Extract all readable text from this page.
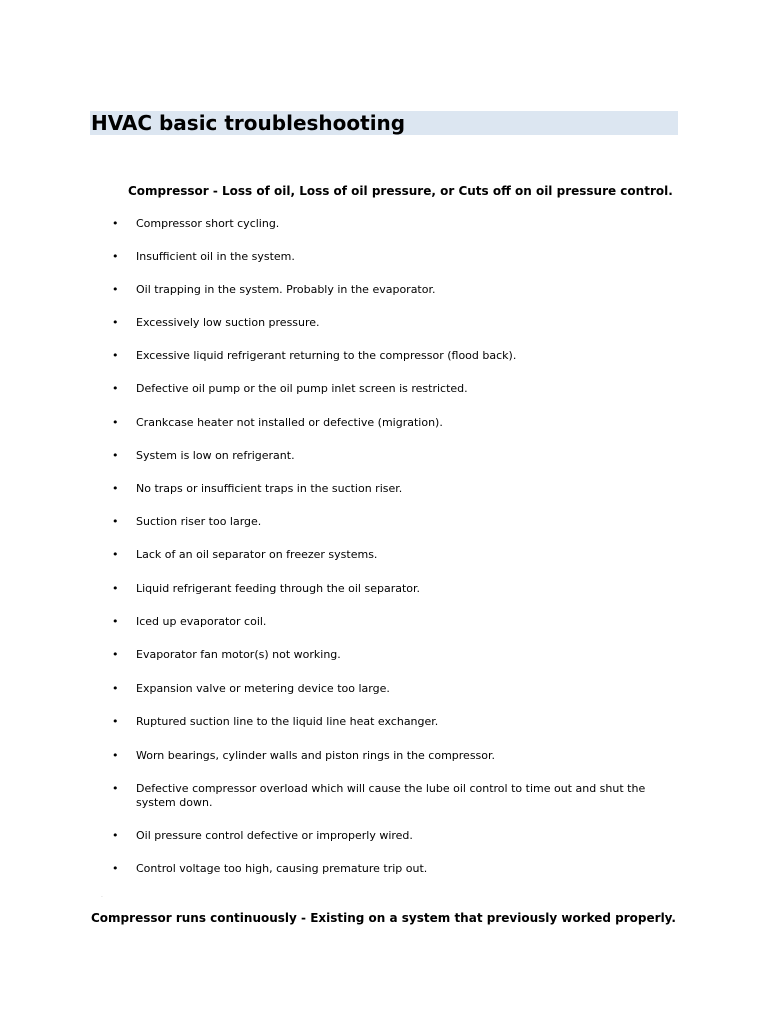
HVAC basic troubleshooting

Compressor - Loss of oil, Loss of oil pressure, or Cuts off on oil pressure control.

• Compressor short cycling.
• Insufficient oil in the system.
• Oil trapping in the system. Probably in the evaporator.
• Excessively low suction pressure.
• Excessive liquid refrigerant returning to the compressor (flood back).
• Defective oil pump or the oil pump inlet screen is restricted.
• Crankcase heater not installed or defective (migration).
• System is low on refrigerant.
• No traps or insufficient traps in the suction riser.
• Suction riser too large.
• Lack of an oil separator on freezer systems.
• Liquid refrigerant feeding through the oil separator.
• Iced up evaporator coil.
• Evaporator fan motor(s) not working.
• Expansion valve or metering device too large.
• Ruptured suction line to the liquid line heat exchanger.
• Worn bearings, cylinder walls and piston rings in the compressor.
• Defective compressor overload which will cause the lube oil control to time out and shut the system down.
• Oil pressure control defective or improperly wired.
• Control voltage too high, causing premature trip out.
·

Compressor runs continuously - Existing on a system that previously worked properly.
